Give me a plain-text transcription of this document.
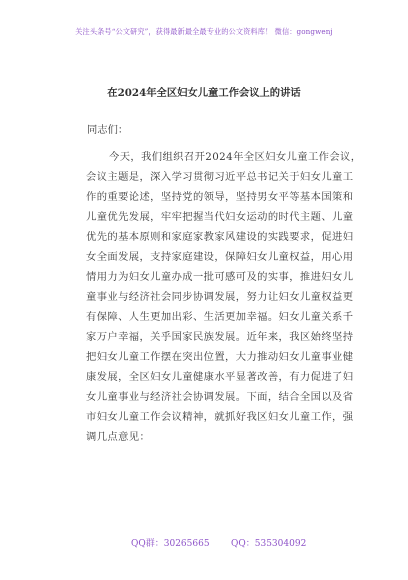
关注头条号“公文研究”，获得最新最全最专业的公文资料库！ 微信：gongwenj
在2024年全区妇女儿童工作会议上的讲话
同志们：
今天，我们组织召开2024年全区妇女儿童工作会议，
会议主题是，深入学习贯彻习近平总书记关于妇女儿童工
作的重要论述，坚持党的领导，坚持男女平等基本国策和
儿童优先发展，牢牢把握当代妇女运动的时代主题、儿童
优先的基本原则和家庭家教家风建设的实践要求，促进妇
女全面发展，支持家庭建设，保障妇女儿童权益，用心用
情用力为妇女儿童办成一批可感可及的实事，推进妇女儿
童事业与经济社会同步协调发展，努力让妇女儿童权益更
有保障、人生更加出彩、生活更加幸福。妇女儿童关系千
家万户幸福，关乎国家民族发展。近年来，我区始终坚持
把妇女儿童工作摆在突出位置，大力推动妇女儿童事业健
康发展，全区妇女儿童健康水平显著改善，有力促进了妇
女儿童事业与经济社会协调发展。下面，结合全国以及省
市妇女儿童工作会议精神，就抓好我区妇女儿童工作，强
调几点意见：
QQ群：30265665 QQ：535304092
